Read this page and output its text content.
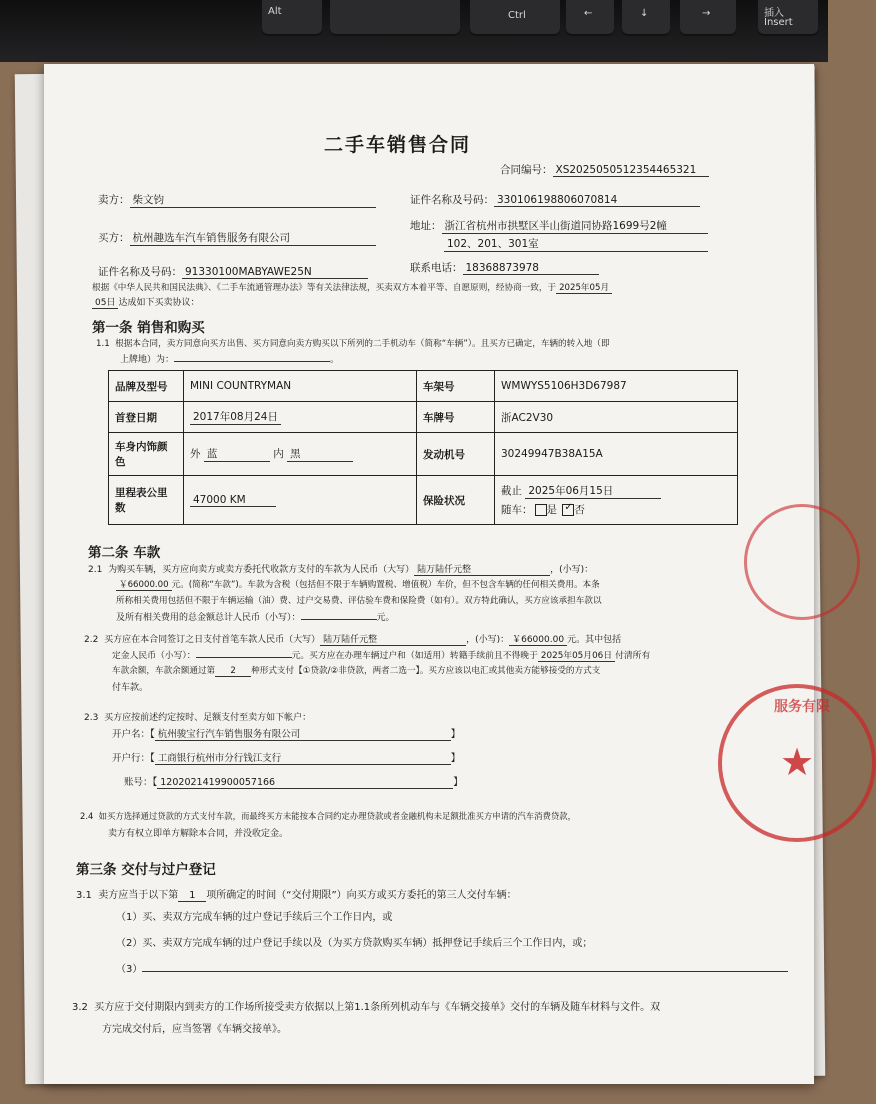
Alt	Ctrl	←	↓	→	插入
Insert
二手车销售合同
合同编号： XS2025050512354465321
卖方： 柴文钧	证件名称及号码： 330106198806070814
买方： 杭州趣选车汽车销售服务有限公司
地址： 浙江省杭州市拱墅区半山街道同协路1699号2幢
102、201、301室
证件名称及号码： 91330100MABYAWE25N	联系电话： 18368873978
根据《中华人民共和国民法典》、《二手车流通管理办法》等有关法律法规，买卖双方本着平等、自愿原则，经协商一致，于 2025年05月
05日 达成如下买卖协议：
第一条 销售和购买
1.1 根据本合同，卖方同意向买方出售、买方同意向卖方购买以下所列的二手机动车（简称“车辆”）。且买方已确定，车辆的转入地（即
上牌地）为：	。
品牌及型号	MINI COUNTRYMAN	车架号	WMWYS5106H3D67987
首登日期	2017年08月24日	车牌号	浙AC2V30
车身内饰颜色	外 蓝 内 黑	发动机号	30249947B38A15A
里程表公里数	47000 KM	保险状况	截止 2025年06月15日
随车： 是 ✓ 否
第二条 车款
2.1 为购买车辆，买方应向卖方或卖方委托代收款方支付的车款为人民币（大写） 陆万陆仟元整	，(小写)：
￥66000.00 元。(简称“车款”)。车款为含税（包括但不限于车辆购置税、增值税）车价，但不包含车辆的任何相关费用。本条
所称相关费用包括但不限于车辆运输（油）费、过户交易费、评估验车费和保险费（如有）。双方特此确认，买方应该承担车款以
及所有相关费用的总金额总计人民币（小写）：	元。
2.2 买方应在本合同签订之日支付首笔车款人民币（大写） 陆万陆仟元整	，(小写)： ￥66000.00 元。其中包括
定金人民币（小写）：	元。买方应在办理车辆过户和（如适用）转籍手续前且不得晚于 2025年05月06日 付清所有
车款余额，车款余额通过第 2 种形式支付【①贷款/②非贷款，两者二选一】。买方应该以电汇或其他卖方能够接受的方式支
付车款。
2.3 买方应按前述约定按时、足额支付至卖方如下帐户：
开户名：【 杭州骏宝行汽车销售服务有限公司	】
开户行：【 工商银行杭州市分行钱江支行	】
账号：【 1202021419900057166	】
2.4 如买方选择通过贷款的方式支付车款，而最终买方未能按本合同约定办理贷款或者金融机构未足额批准买方申请的汽车消费贷款，
卖方有权立即单方解除本合同，并没收定金。
第三条 交付与过户登记
3.1 卖方应当于以下第 1 项所确定的时间（“交付期限”）向买方或买方委托的第三人交付车辆：
（1）买、卖双方完成车辆的过户登记手续后三个工作日内，或
（2）买、卖双方完成车辆的过户登记手续以及（为买方贷款购买车辆）抵押登记手续后三个工作日内，或；
（3）
3.2 买方应于交付期限内到卖方的工作场所接受卖方依据以上第1.1条所列机动车与《车辆交接单》交付的车辆及随车材料与文件。双
方完成交付后，应当签署《车辆交接单》。
★
服务有限
